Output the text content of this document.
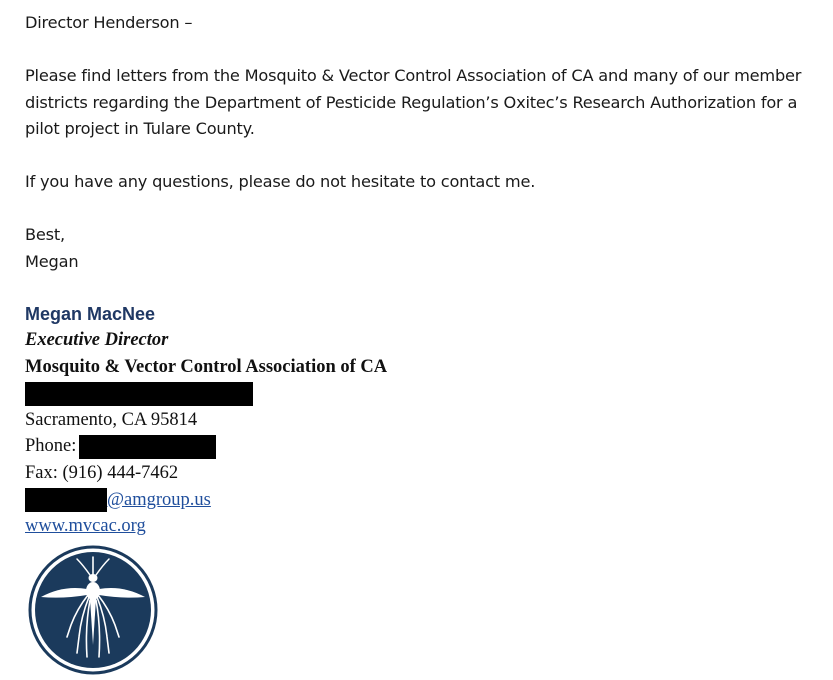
Director Henderson –

Please find letters from the Mosquito & Vector Control Association of CA and many of our member

districts regarding the Department of Pesticide Regulation’s Oxitec’s Research Authorization for a

pilot project in Tulare County.

If you have any questions, please do not hesitate to contact me.

Best,

Megan

Megan MacNee
Executive Director
Mosquito & Vector Control Association of CA
Sacramento, CA 95814
Phone:
Fax: (916) 444-7462
@amgroup.us
www.mvcac.org
